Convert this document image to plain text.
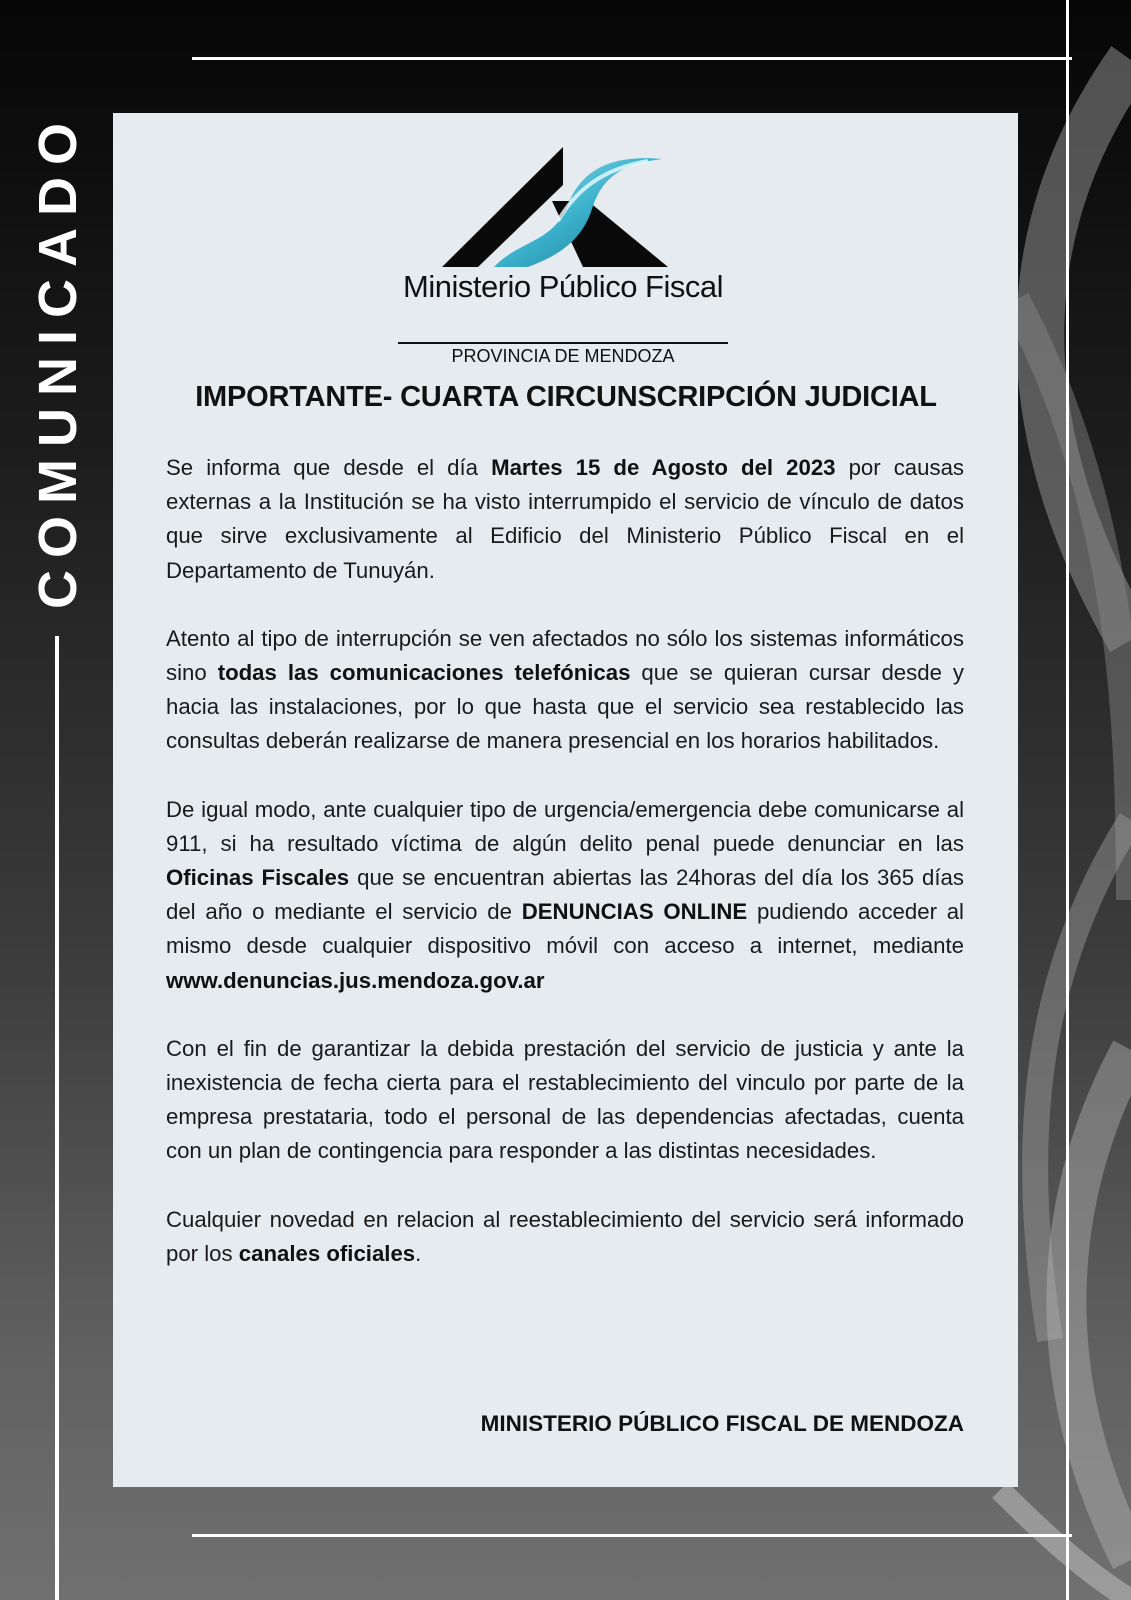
COMUNICADO	Ministerio Público Fiscal
PROVINCIA DE MENDOZA
IMPORTANTE- CUARTA CIRCUNSCRIPCIÓN JUDICIAL

Se informa que desde el día Martes 15 de Agosto del 2023 por causas externas a la Institución se ha visto interrumpido el servicio de vínculo de datos que sirve exclusivamente al Edificio del Ministerio Público Fiscal en el Departamento de Tunuyán.

Atento al tipo de interrupción se ven afectados no sólo los sistemas informáticos sino todas las comunicaciones telefónicas que se quieran cursar desde y hacia las instalaciones, por lo que hasta que el servicio sea restablecido las consultas deberán realizarse de manera presencial en los horarios habilitados.

De igual modo, ante cualquier tipo de urgencia/emergencia debe comunicarse al 911, si ha resultado víctima de algún delito penal puede denunciar en las Oficinas Fiscales que se encuentran abiertas las 24horas del día los 365 días del año o mediante el servicio de DENUNCIAS ONLINE pudiendo acceder al mismo desde cualquier dispositivo móvil con acceso a internet, mediante www.denuncias.jus.mendoza.gov.ar

Con el fin de garantizar la debida prestación del servicio de justicia y ante la inexistencia de fecha cierta para el restablecimiento del vinculo por parte de la empresa prestataria, todo el personal de las dependencias afectadas, cuenta con un plan de contingencia para responder a las distintas necesidades.

Cualquier novedad en relacion al reestablecimiento del servicio será informado por los canales oficiales.

MINISTERIO PÚBLICO FISCAL DE MENDOZA
